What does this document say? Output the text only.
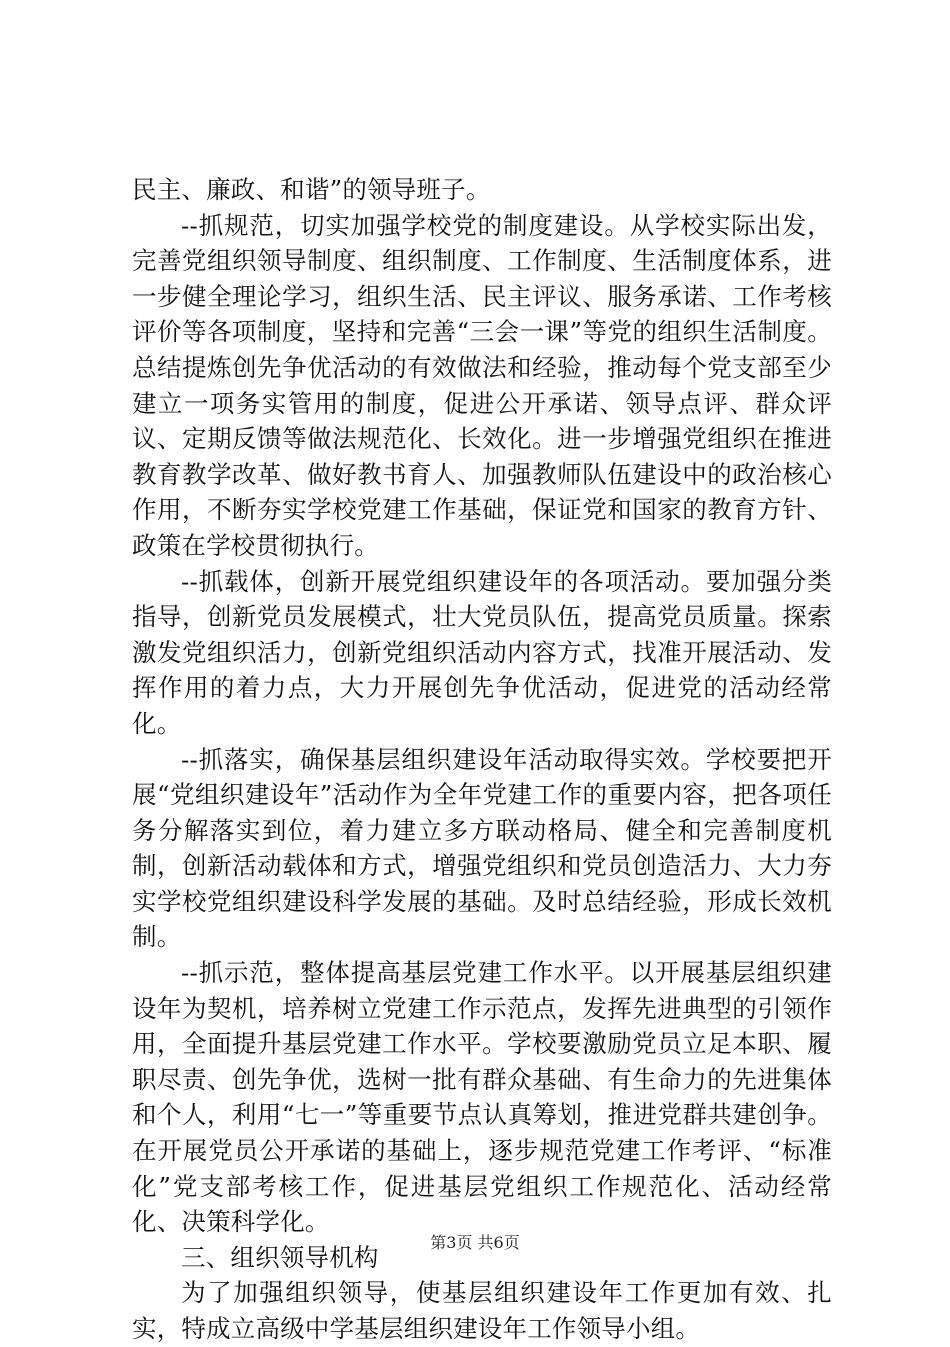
民主、廉政、和谐”的领导班子。

--抓规范，切实加强学校党的制度建设。从学校实际出发，完善党组织领导制度、组织制度、工作制度、生活制度体系，进一步健全理论学习，组织生活、民主评议、服务承诺、工作考核评价等各项制度，坚持和完善“三会一课”等党的组织生活制度。总结提炼创先争优活动的有效做法和经验，推动每个党支部至少建立一项务实管用的制度，促进公开承诺、领导点评、群众评议、定期反馈等做法规范化、长效化。进一步增强党组织在推进教育教学改革、做好教书育人、加强教师队伍建设中的政治核心作用，不断夯实学校党建工作基础，保证党和国家的教育方针、政策在学校贯彻执行。

--抓载体，创新开展党组织建设年的各项活动。要加强分类指导，创新党员发展模式，壮大党员队伍，提高党员质量。探索激发党组织活力，创新党组织活动内容方式，找准开展活动、发挥作用的着力点，大力开展创先争优活动，促进党的活动经常化。

--抓落实，确保基层组织建设年活动取得实效。学校要把开展“党组织建设年”活动作为全年党建工作的重要内容，把各项任务分解落实到位，着力建立多方联动格局、健全和完善制度机制，创新活动载体和方式，增强党组织和党员创造活力、大力夯实学校党组织建设科学发展的基础。及时总结经验，形成长效机制。

--抓示范，整体提高基层党建工作水平。以开展基层组织建设年为契机，培养树立党建工作示范点，发挥先进典型的引领作用，全面提升基层党建工作水平。学校要激励党员立足本职、履职尽责、创先争优，选树一批有群众基础、有生命力的先进集体和个人，利用“七一”等重要节点认真筹划，推进党群共建创争。在开展党员公开承诺的基础上，逐步规范党建工作考评、“标准化”党支部考核工作，促进基层党组织工作规范化、活动经常化、决策科学化。

三、组织领导机构

为了加强组织领导，使基层组织建设年工作更加有效、扎实，特成立高级中学基层组织建设年工作领导小组。

第3页 共6页
